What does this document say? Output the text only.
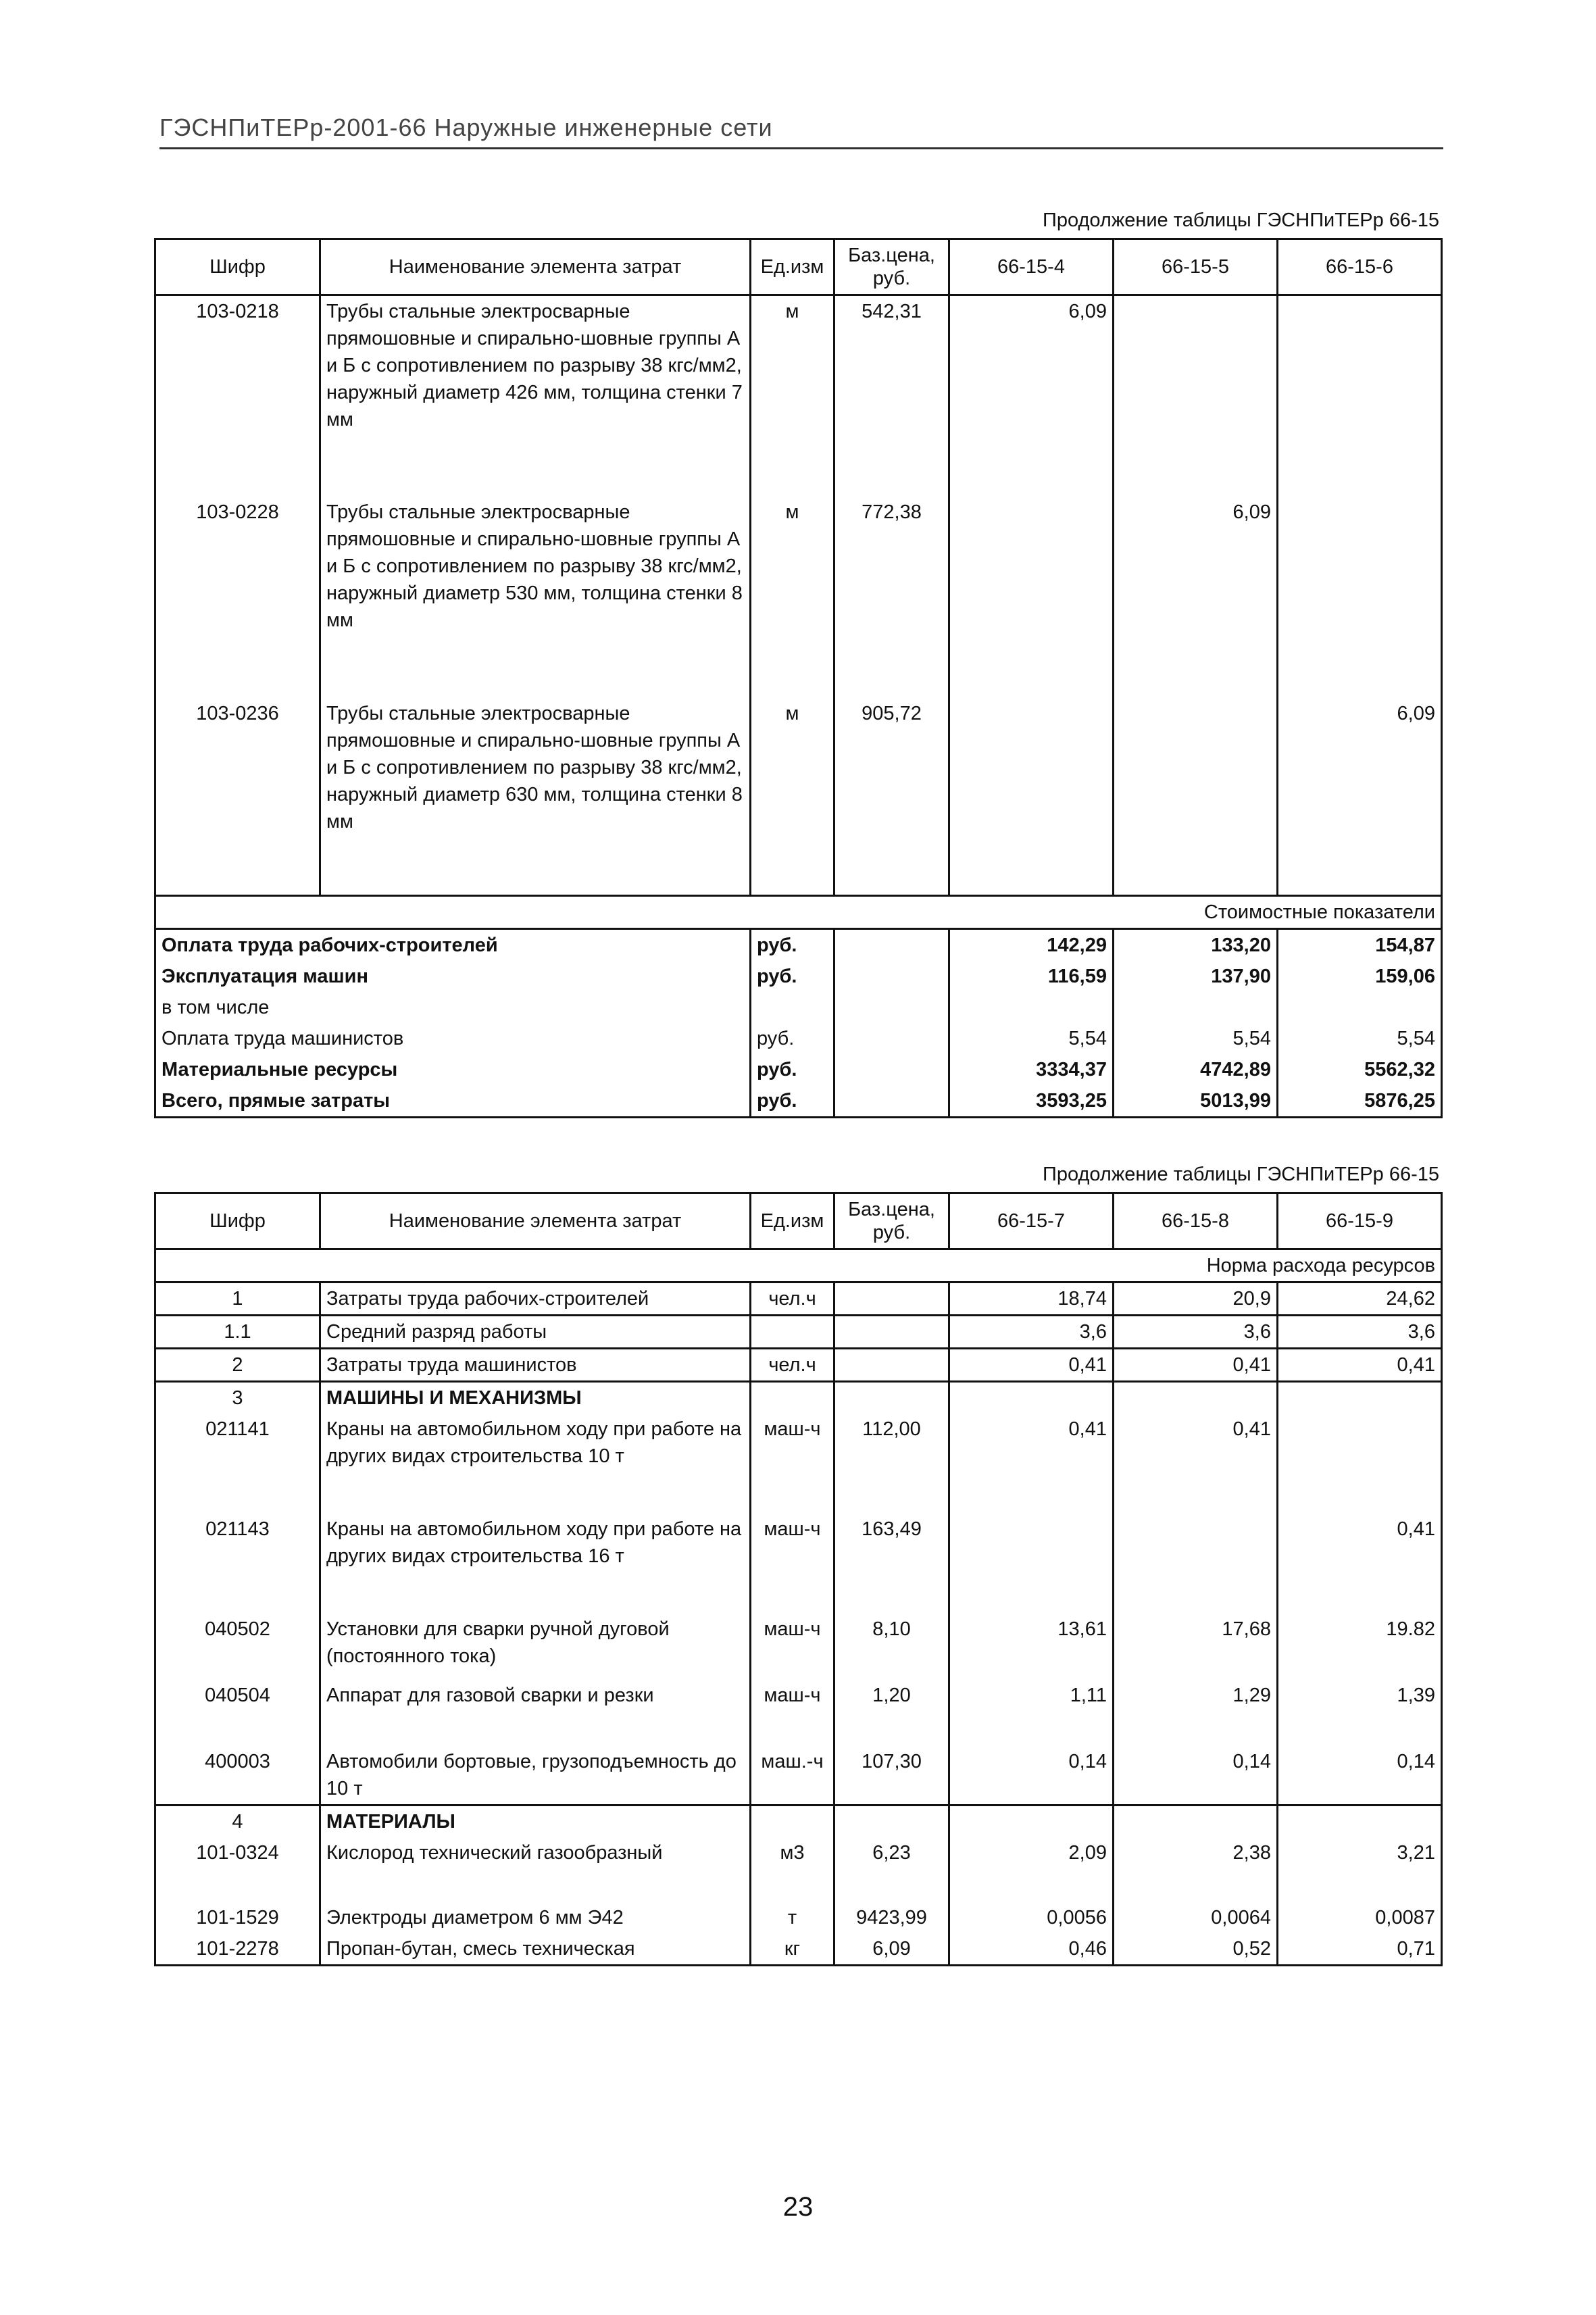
ГЭСНПиТЕРр-2001-66 Наружные инженерные сети
Продолжение таблицы ГЭСНПиТЕРр 66-15
Шифр	Наименование элемента затрат	Ед.изм	Баз.цена, руб.	66-15-4	66-15-5	66-15-6
103-0218	Трубы стальные электросварные прямошовные и спирально-шовные группы А и Б с сопротивлением по разрыву 38 кгс/мм2, наружный диаметр 426 мм, толщина стенки 7 мм	м	542,31	6,09		
103-0228	Трубы стальные электросварные прямошовные и спирально-шовные группы А и Б с сопротивлением по разрыву 38 кгс/мм2, наружный диаметр 530 мм, толщина стенки 8 мм	м	772,38		6,09	
103-0236	Трубы стальные электросварные прямошовные и спирально-шовные группы А и Б с сопротивлением по разрыву 38 кгс/мм2, наружный диаметр 630 мм, толщина стенки 8 мм	м	905,72			6,09
Стоимостные показатели						
Оплата труда рабочих-строителей		руб.		142,29	133,20	154,87
Эксплуатация машин		руб.		116,59	137,90	159,06
в том числе						
Оплата труда машинистов		руб.		5,54	5,54	5,54
Материальные ресурсы		руб.		3334,37	4742,89	5562,32
Всего, прямые затраты		руб.		3593,25	5013,99	5876,25
Продолжение таблицы ГЭСНПиТЕРр 66-15
Шифр	Наименование элемента затрат	Ед.изм	Баз.цена, руб.	66-15-7	66-15-8	66-15-9
Норма расхода ресурсов						
1	Затраты труда рабочих-строителей	чел.ч		18,74	20,9	24,62
1.1	Средний разряд работы			3,6	3,6	3,6
2	Затраты труда машинистов	чел.ч		0,41	0,41	0,41
3	МАШИНЫ И МЕХАНИЗМЫ					
021141	Краны на автомобильном ходу при работе на других видах строительства 10 т	маш-ч	112,00	0,41	0,41	
021143	Краны на автомобильном ходу при работе на других видах строительства 16 т	маш-ч	163,49			0,41
040502	Установки для сварки ручной дуговой (постоянного тока)	маш-ч	8,10	13,61	17,68	19.82
040504	Аппарат для газовой сварки и резки	маш-ч	1,20	1,11	1,29	1,39
400003	Автомобили бортовые, грузоподъемность до 10 т	маш.-ч	107,30	0,14	0,14	0,14
4	МАТЕРИАЛЫ					
101-0324	Кислород технический газообразный	м3	6,23	2,09	2,38	3,21
101-1529	Электроды диаметром 6 мм Э42	т	9423,99	0,0056	0,0064	0,0087
101-2278	Пропан-бутан, смесь техническая	кг	6,09	0,46	0,52	0,71
23
